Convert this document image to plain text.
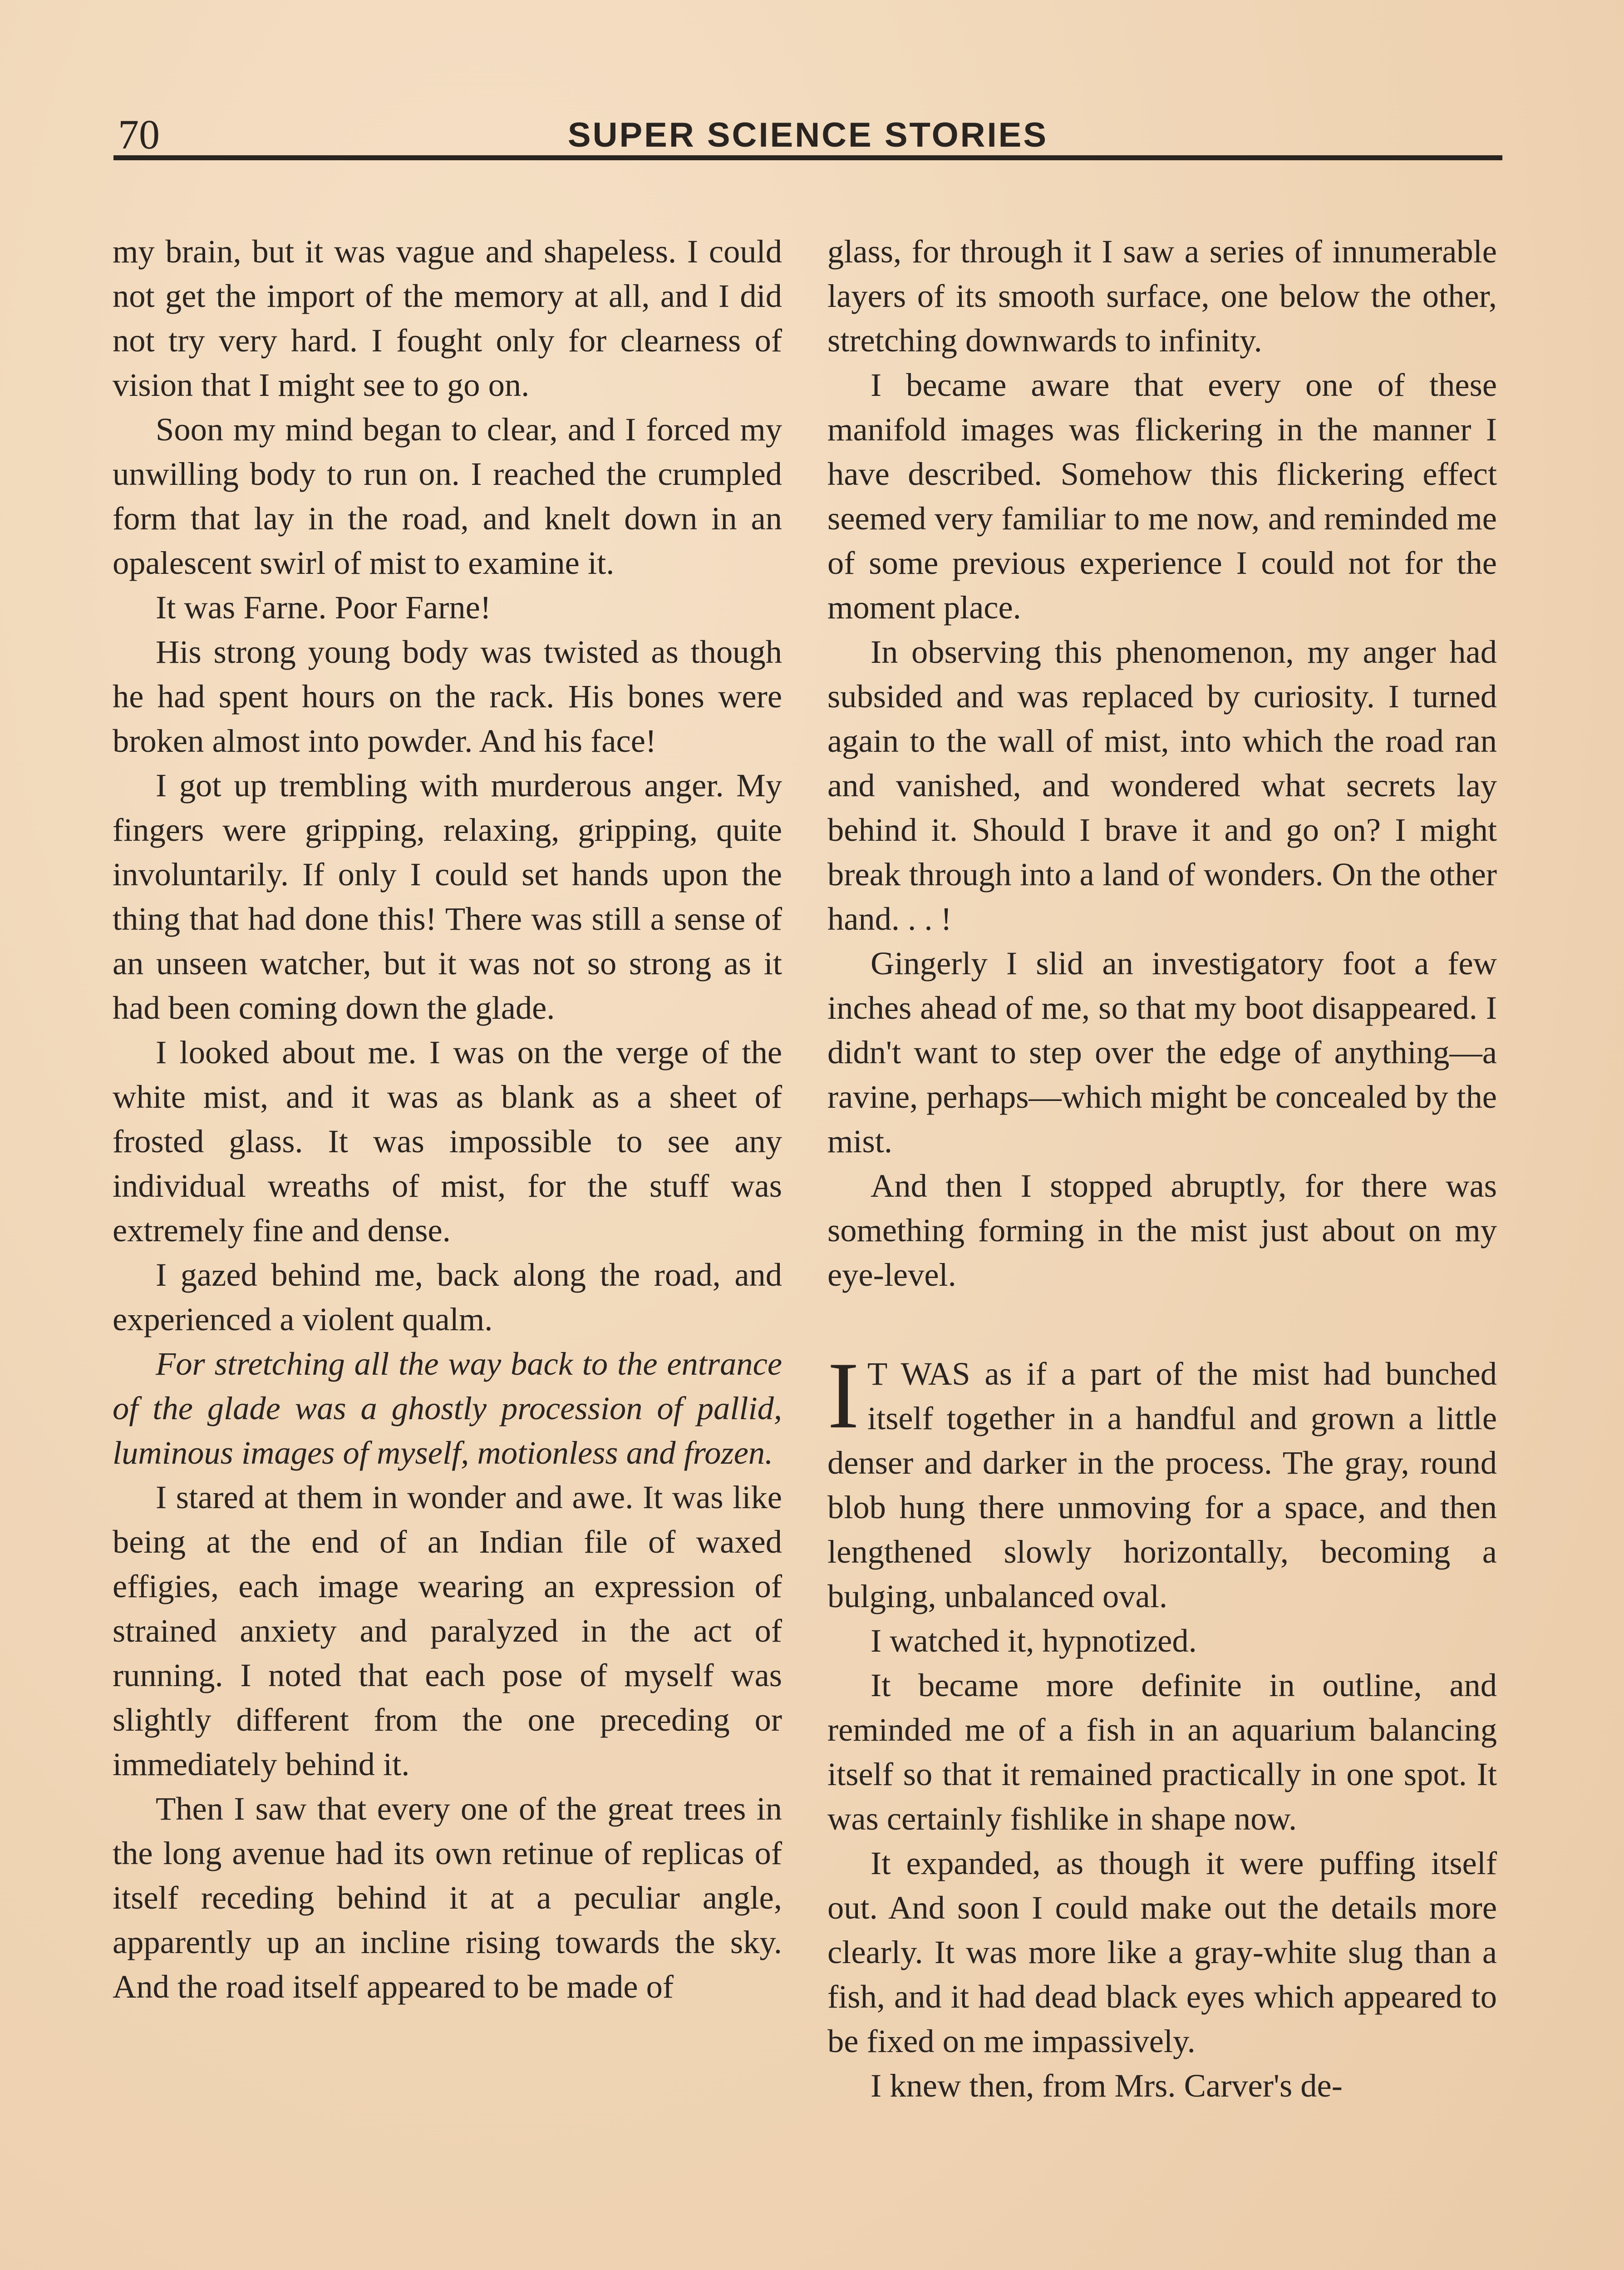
70	SUPER SCIENCE STORIES

my brain, but it was vague and shapeless. I could not get the import of the memory at all, and I did not try very hard. I fought only for clearness of vision that I might see to go on.

Soon my mind began to clear, and I forced my unwilling body to run on. I reached the crumpled form that lay in the road, and knelt down in an opalescent swirl of mist to examine it.

It was Farne. Poor Farne!

His strong young body was twisted as though he had spent hours on the rack. His bones were broken almost into powder. And his face!

I got up trembling with murderous anger. My fingers were gripping, relaxing, gripping, quite involuntarily. If only I could set hands upon the thing that had done this! There was still a sense of an unseen watcher, but it was not so strong as it had been coming down the glade.

I looked about me. I was on the verge of the white mist, and it was as blank as a sheet of frosted glass. It was impossible to see any individual wreaths of mist, for the stuff was extremely fine and dense.

I gazed behind me, back along the road, and experienced a violent qualm.

For stretching all the way back to the entrance of the glade was a ghostly procession of pallid, luminous images of myself, motionless and frozen.

I stared at them in wonder and awe. It was like being at the end of an Indian file of waxed effigies, each image wearing an expression of strained anxiety and paralyzed in the act of running. I noted that each pose of myself was slightly different from the one preceding or immediately behind it.

Then I saw that every one of the great trees in the long avenue had its own retinue of replicas of itself receding behind it at a peculiar angle, apparently up an incline rising towards the sky. And the road itself appeared to be made of

glass, for through it I saw a series of innumerable layers of its smooth surface, one below the other, stretching downwards to infinity.

I became aware that every one of these manifold images was flickering in the manner I have described. Somehow this flickering effect seemed very familiar to me now, and reminded me of some previous experience I could not for the moment place.

In observing this phenomenon, my anger had subsided and was replaced by curiosity. I turned again to the wall of mist, into which the road ran and vanished, and wondered what secrets lay behind it. Should I brave it and go on? I might break through into a land of wonders. On the other hand. . . !

Gingerly I slid an investigatory foot a few inches ahead of me, so that my boot disappeared. I didn't want to step over the edge of anything—a ravine, perhaps—which might be concealed by the mist.

And then I stopped abruptly, for there was something forming in the mist just about on my eye-level.

I T WAS as if a part of the mist had bunched itself together in a handful and grown a little denser and darker in the process. The gray, round blob hung there unmoving for a space, and then lengthened slowly horizontally, becoming a bulging, unbalanced oval.

I watched it, hypnotized.

It became more definite in outline, and reminded me of a fish in an aquarium balancing itself so that it remained practically in one spot. It was certainly fishlike in shape now.

It expanded, as though it were puffing itself out. And soon I could make out the details more clearly. It was more like a gray-white slug than a fish, and it had dead black eyes which appeared to be fixed on me impassively.

I knew then, from Mrs. Carver's de-
